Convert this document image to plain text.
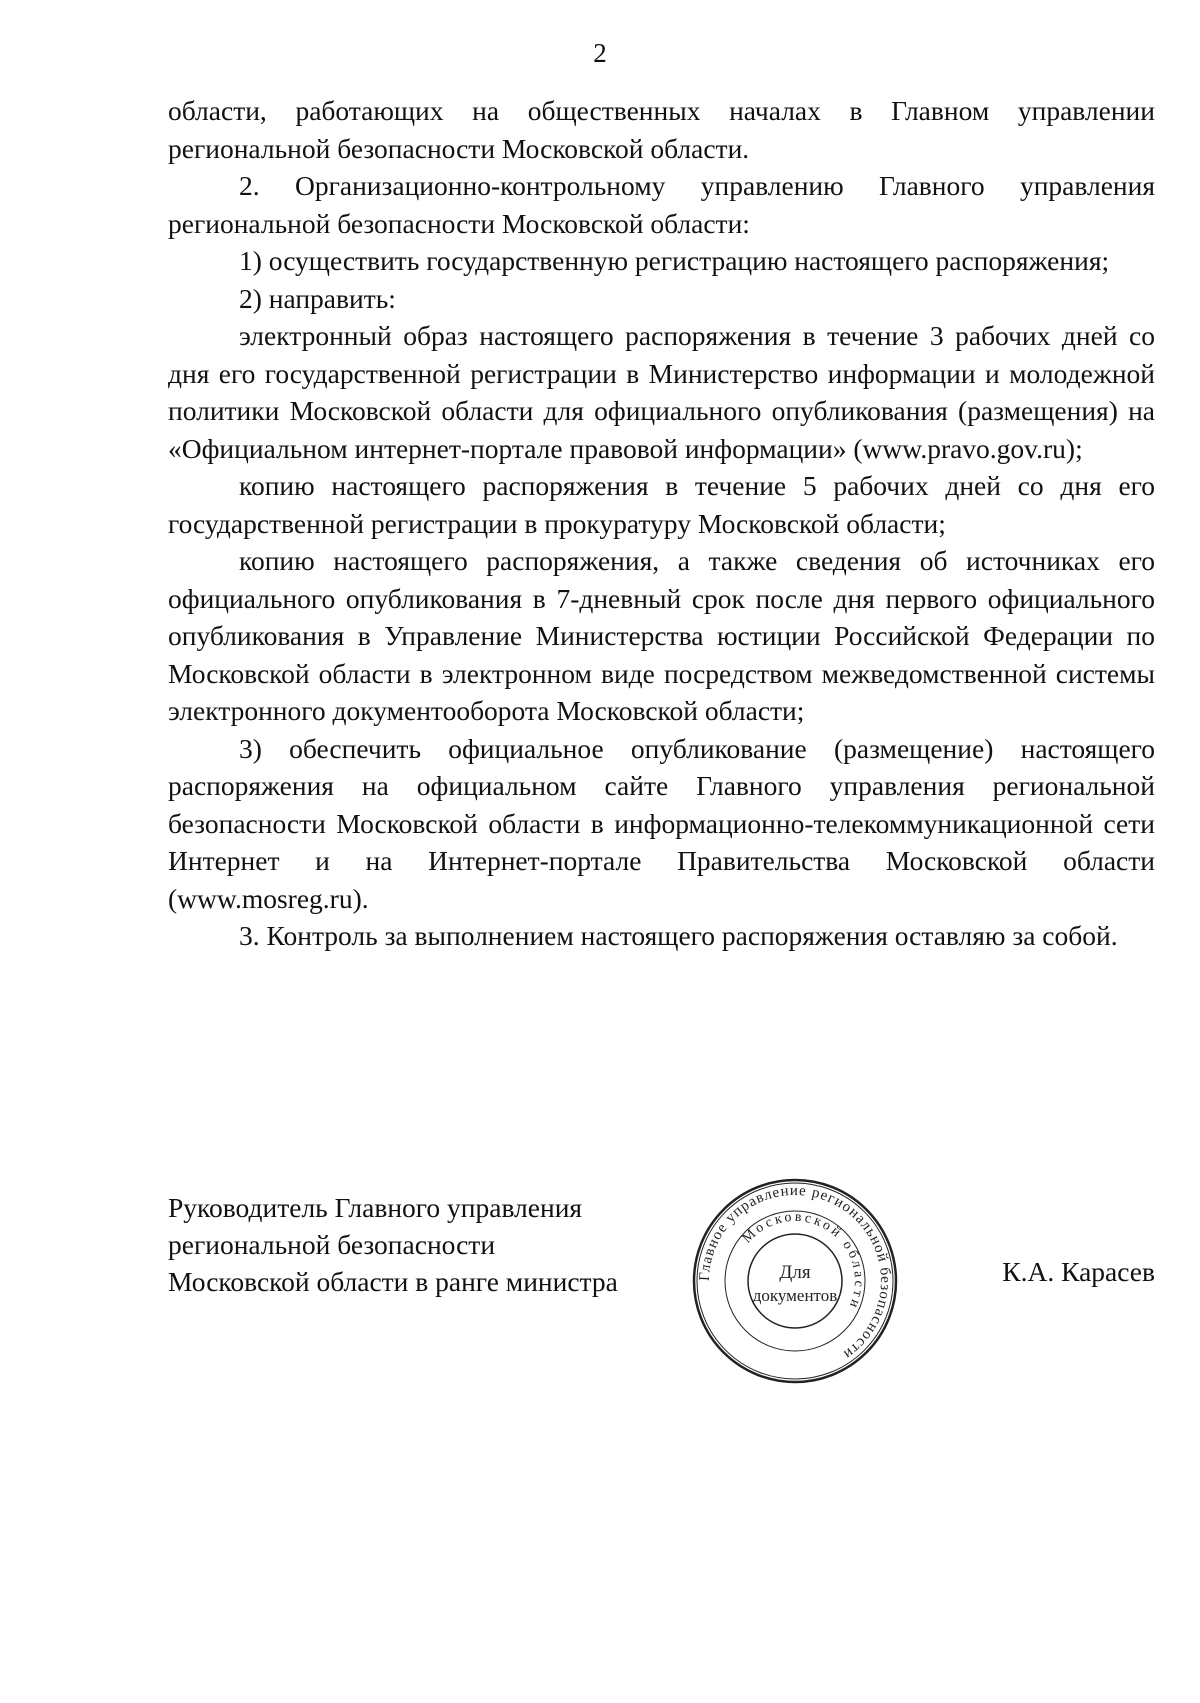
2

области, работающих на общественных началах в Главном управлении региональной безопасности Московской области.

2. Организационно-контрольному управлению Главного управления региональной безопасности Московской области:

1) осуществить государственную регистрацию настоящего распоряжения;

2) направить:

электронный образ настоящего распоряжения в течение 3 рабочих дней со дня его государственной регистрации в Министерство информации и молодежной политики Московской области для официального опубликования (размещения) на «Официальном интернет-портале правовой информации» (www.pravo.gov.ru);

копию настоящего распоряжения в течение 5 рабочих дней со дня его государственной регистрации в прокуратуру Московской области;

копию настоящего распоряжения, а также сведения об источниках его официального опубликования в 7-дневный срок после дня первого официального опубликования в Управление Министерства юстиции Российской Федерации по Московской области в электронном виде посредством межведомственной системы электронного документооборота Московской области;

3) обеспечить официальное опубликование (размещение) настоящего распоряжения на официальном сайте Главного управления региональной безопасности Московской области в информационно-телекоммуникационной сети Интернет и на Интернет-портале Правительства Московской области (www.mosreg.ru).

3. Контроль за выполнением настоящего распоряжения оставляю за собой.

Руководитель Главного управления
региональной безопасности
Московской области в ранге министра	К.А. Карасев
Главное управление региональной безопасности
Московской области
Для
документов
